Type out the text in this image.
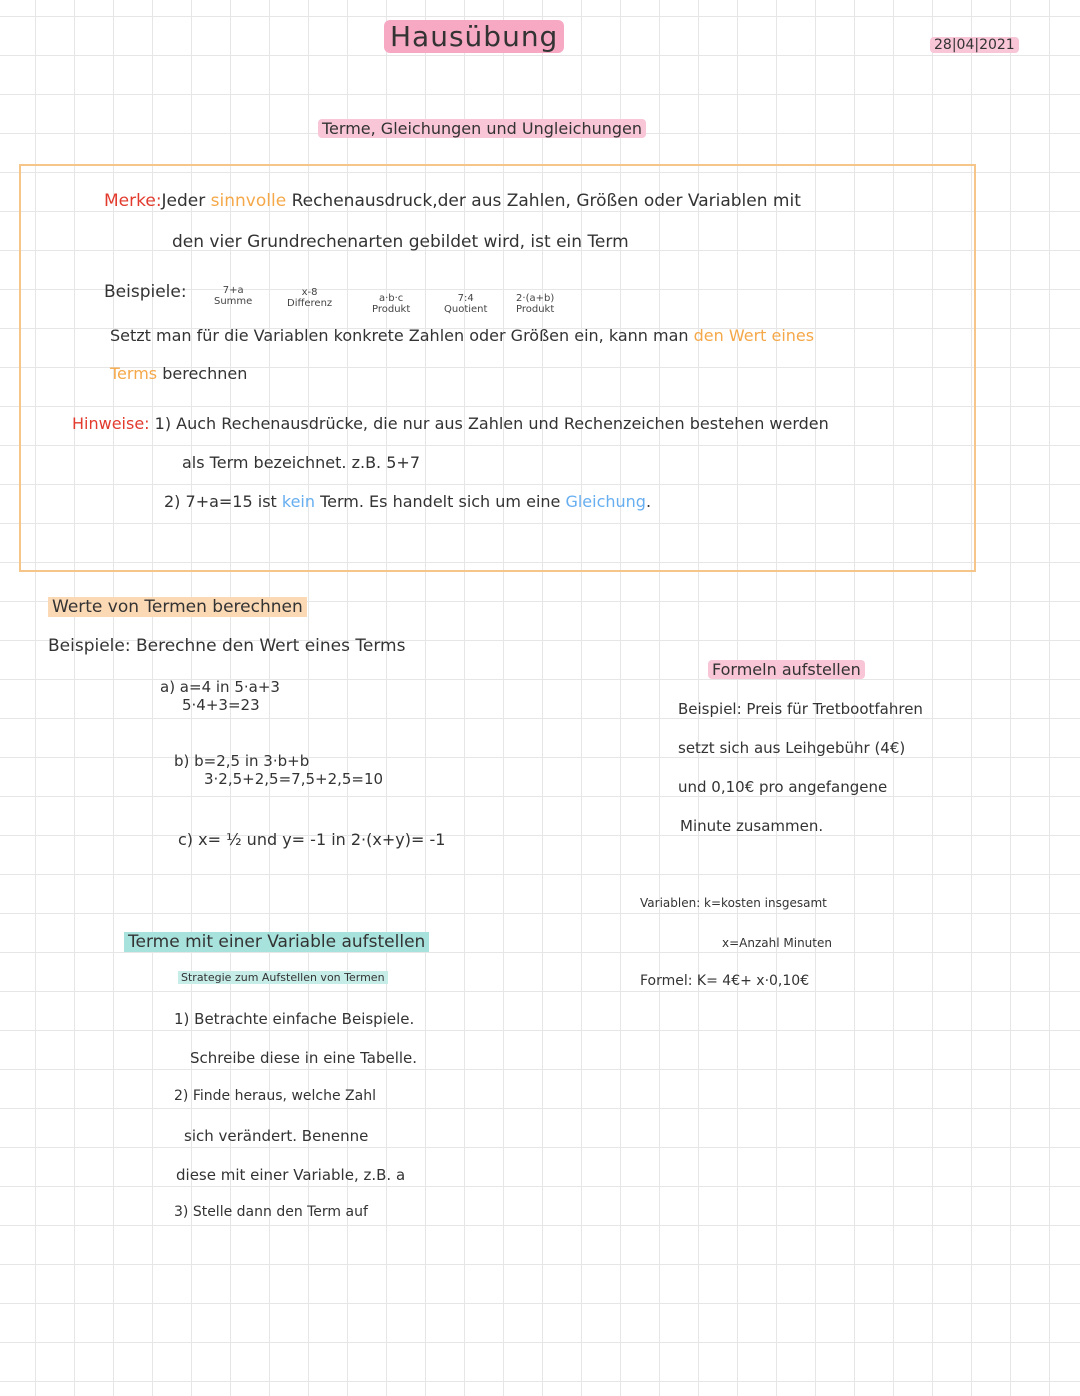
Hausübung	28|04|2021
Terme, Gleichungen und Ungleichungen
Merke:Jeder sinnvolle Rechenausdruck,der aus Zahlen, Größen oder Variablen mit
den vier Grundrechenarten gebildet wird, ist ein Term
Beispiele:	7+a
Summe
x-8
Differenz	a·b·c
Produkt
7:4
Quotient
2·(a+b)
Produkt
Setzt man für die Variablen konkrete Zahlen oder Größen ein, kann man den Wert eines
Terms berechnen
Hinweise: 1) Auch Rechenausdrücke, die nur aus Zahlen und Rechenzeichen bestehen werden
als Term bezeichnet. z.B. 5+7
2) 7+a=15 ist kein Term. Es handelt sich um eine Gleichung.
Werte von Termen berechnen
Beispiele: Berechne den Wert eines Terms
a) a=4 in 5·a+3
5·4+3=23
b) b=2,5 in 3·b+b
3·2,5+2,5=7,5+2,5=10
c) x= ½ und y= -1 in 2·(x+y)= -1
Formeln aufstellen
Beispiel: Preis für Tretbootfahren
setzt sich aus Leihgebühr (4€)
und 0,10€ pro angefangene
Minute zusammen.
Variablen: k=kosten insgesamt
x=Anzahl Minuten
Formel: K= 4€+ x·0,10€
Terme mit einer Variable aufstellen
Strategie zum Aufstellen von Termen
1) Betrachte einfache Beispiele.
Schreibe diese in eine Tabelle.
2) Finde heraus, welche Zahl
sich verändert. Benenne
diese mit einer Variable, z.B. a
3) Stelle dann den Term auf
